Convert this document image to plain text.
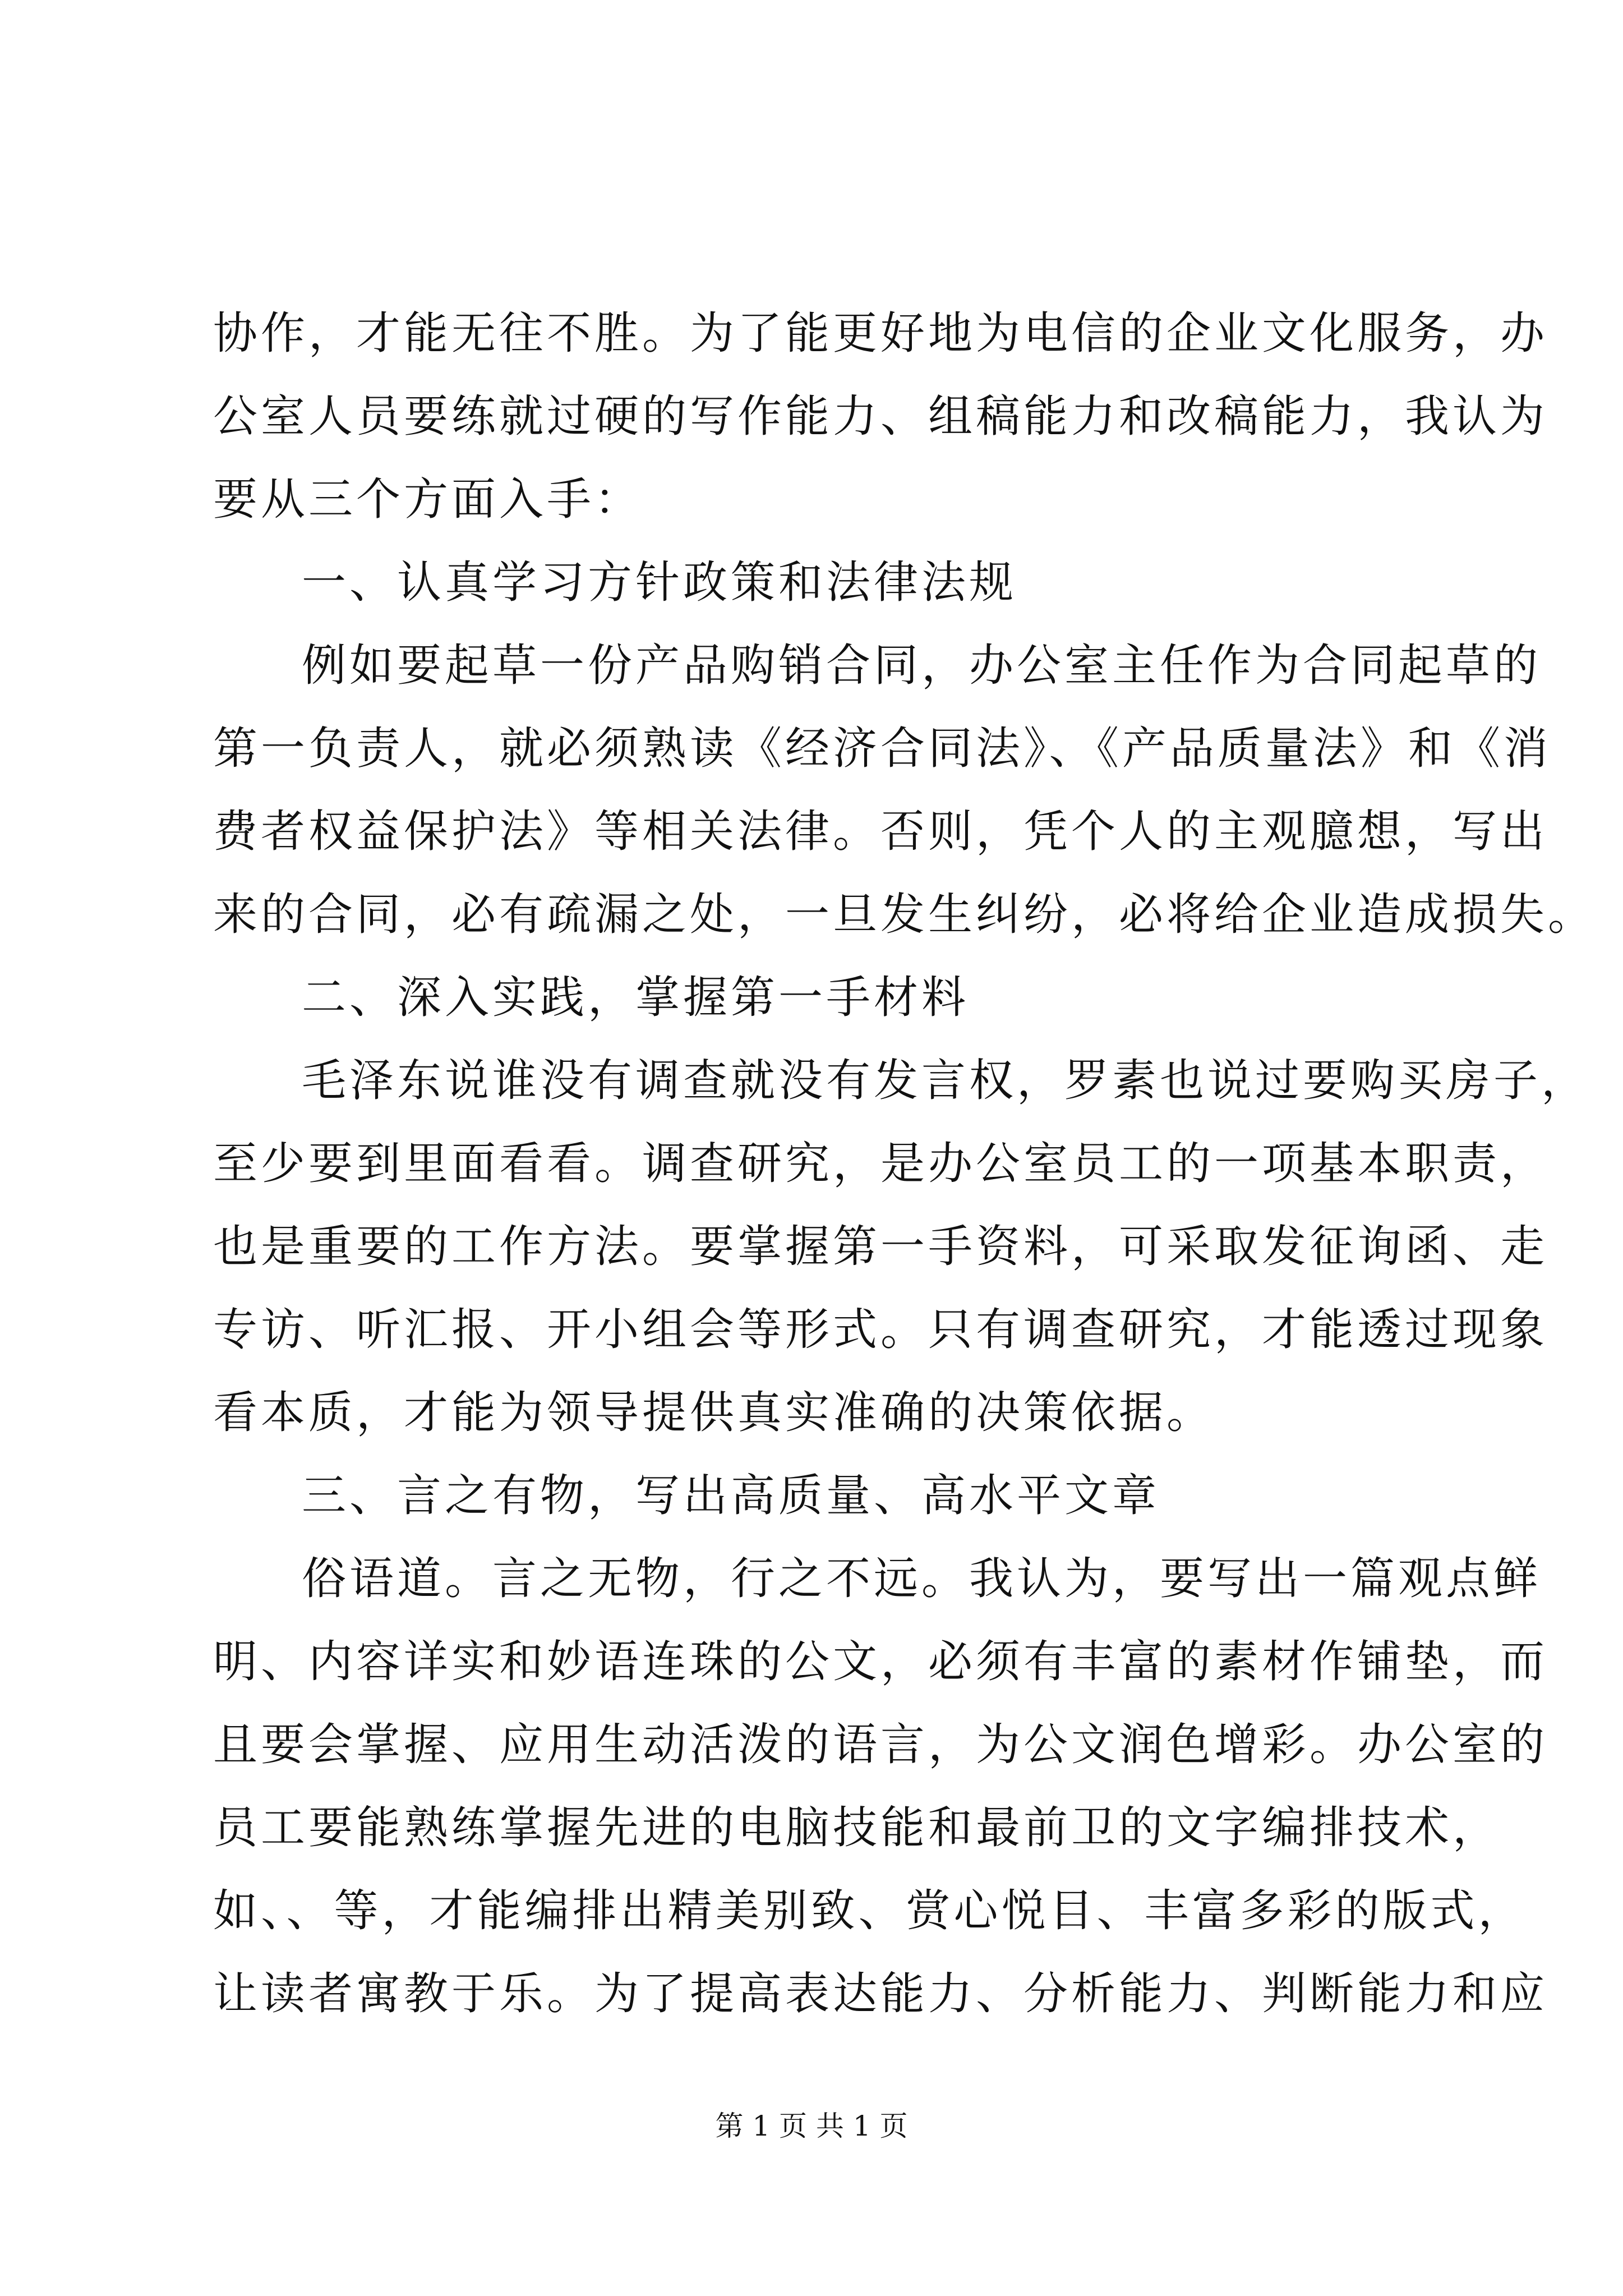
协作，才能无往不胜。为了能更好地为电信的企业文化服务，办
公室人员要练就过硬的写作能力、组稿能力和改稿能力，我认为
要从三个方面入手：
一、认真学习方针政策和法律法规
例如要起草一份产品购销合同，办公室主任作为合同起草的
第一负责人，就必须熟读《经济合同法》、《产品质量法》和《消
费者权益保护法》等相关法律。否则，凭个人的主观臆想，写出
来的合同，必有疏漏之处，一旦发生纠纷，必将给企业造成损失。
二、深入实践，掌握第一手材料
毛泽东说谁没有调查就没有发言权，罗素也说过要购买房子，
至少要到里面看看。调查研究，是办公室员工的一项基本职责，
也是重要的工作方法。要掌握第一手资料，可采取发征询函、走
专访、听汇报、开小组会等形式。只有调查研究，才能透过现象
看本质，才能为领导提供真实准确的决策依据。
三、言之有物，写出高质量、高水平文章
俗语道。言之无物，行之不远。我认为，要写出一篇观点鲜
明、内容详实和妙语连珠的公文，必须有丰富的素材作铺垫，而
且要会掌握、应用生动活泼的语言，为公文润色增彩。办公室的
员工要能熟练掌握先进的电脑技能和最前卫的文字编排技术，
如、、等，才能编排出精美别致、赏心悦目、丰富多彩的版式，
让读者寓教于乐。为了提高表达能力、分析能力、判断能力和应
第 1 页 共 1 页
